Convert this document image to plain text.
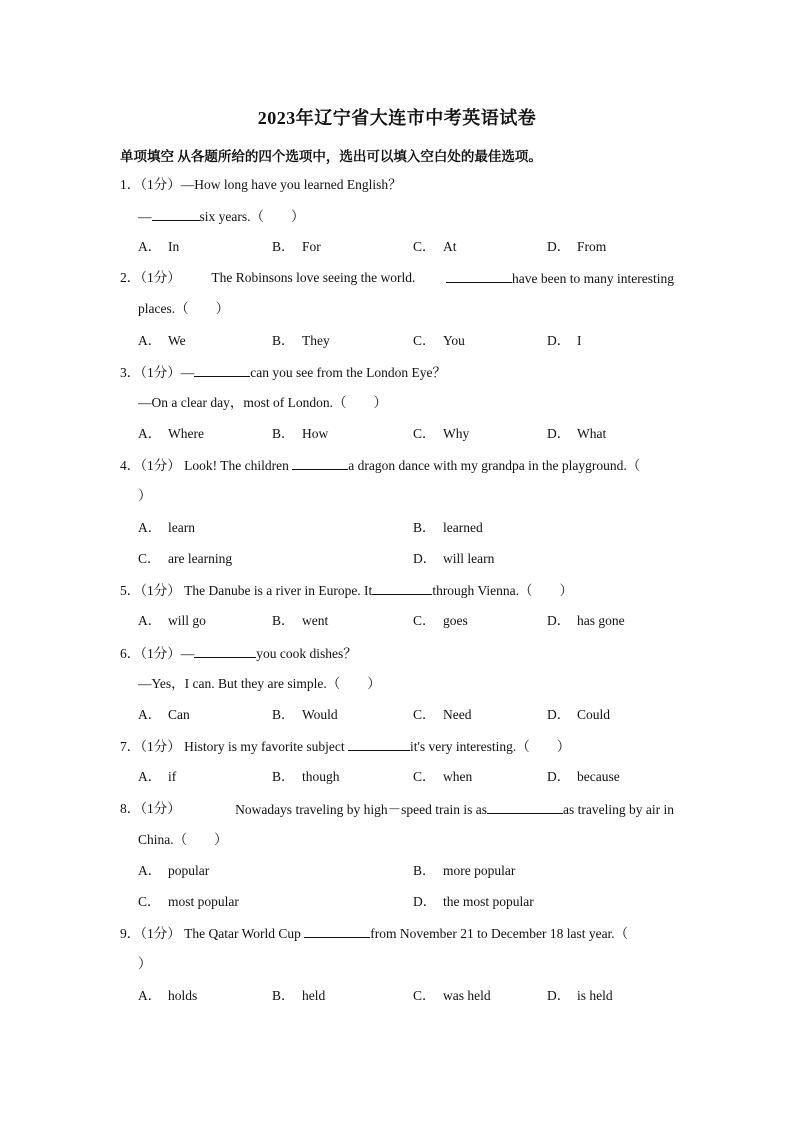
2023年辽宁省大连市中考英语试卷
单项填空 从各题所给的四个选项中，选出可以填入空白处的最佳选项。
1．（1分）—How long have you learned English？
—	six years.（　　）
A． In	B． For	C． At	D． From
2．（1分） The Robinsons love seeing the world.	have been to many interesting
places.（　　）
A． We	B． They	C． You	D． I
3．（1分）—	can you see from the London Eye？
—On a clear day，most of London.（　　）
A． Where	B． How	C． Why	D． What
4．（1分） Look! The children	a dragon dance with my grandpa in the playground.（
）
A． learn	B． learned
C． are learning	D． will learn
5．（1分） The Danube is a river in Europe. It	through Vienna.（　　）
A． will go	B． went	C． goes	D． has gone
6．（1分）—	you cook dishes？
—Yes，I can. But they are simple.（　　）
A． Can	B． Would	C． Need	D． Could
7．（1分） History is my favorite subject	it's very interesting.（　　）
A． if	B． though	C． when	D． because
8．（1分）	Nowadays traveling by high－speed train is as	as traveling by air in
China.（　　）
A． popular	B． more popular
C． most popular	D． the most popular
9．（1分） The Qatar World Cup	from November 21 to December 18 last year.（
）
A． holds	B． held	C． was held	D． is held
